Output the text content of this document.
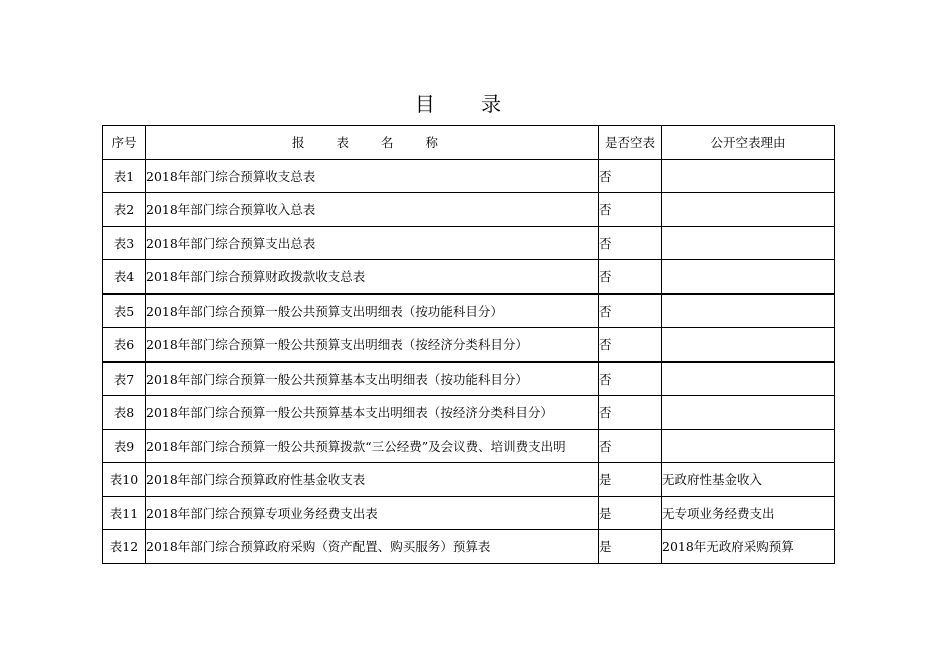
目 录
序号	报 表 名 称	是否空表	公开空表理由
表1	2018年部门综合预算收支总表	否	
表2	2018年部门综合预算收入总表	否	
表3	2018年部门综合预算支出总表	否	
表4	2018年部门综合预算财政拨款收支总表	否	
表5	2018年部门综合预算一般公共预算支出明细表（按功能科目分）	否	
表6	2018年部门综合预算一般公共预算支出明细表（按经济分类科目分）	否	
表7	2018年部门综合预算一般公共预算基本支出明细表（按功能科目分）	否	
表8	2018年部门综合预算一般公共预算基本支出明细表（按经济分类科目分）	否	
表9	2018年部门综合预算一般公共预算拨款“三公经费”及会议费、培训费支出明	否	
表10	2018年部门综合预算政府性基金收支表	是	无政府性基金收入
表11	2018年部门综合预算专项业务经费支出表	是	无专项业务经费支出
表12	2018年部门综合预算政府采购（资产配置、购买服务）预算表	是	2018年无政府采购预算
